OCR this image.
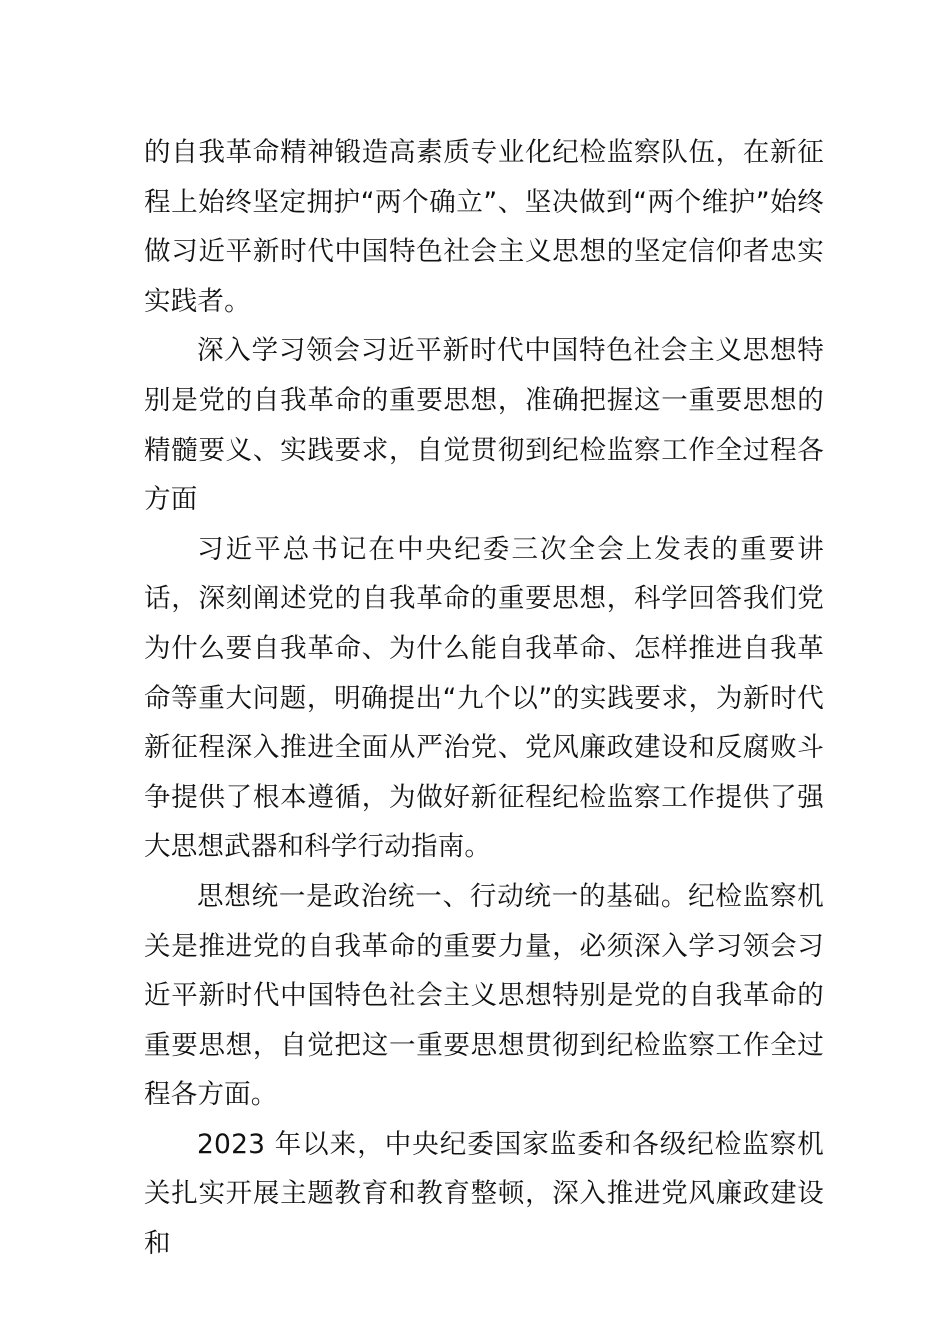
的自我革命精神锻造高素质专业化纪检监察队伍，在新征程上始终坚定拥护“两个确立”、坚决做到“两个维护”始终做习近平新时代中国特色社会主义思想的坚定信仰者忠实实践者。

深入学习领会习近平新时代中国特色社会主义思想特别是党的自我革命的重要思想，准确把握这一重要思想的精髓要义、实践要求，自觉贯彻到纪检监察工作全过程各方面

习近平总书记在中央纪委三次全会上发表的重要讲话，深刻阐述党的自我革命的重要思想，科学回答我们党为什么要自我革命、为什么能自我革命、怎样推进自我革命等重大问题，明确提出“九个以”的实践要求，为新时代新征程深入推进全面从严治党、党风廉政建设和反腐败斗争提供了根本遵循，为做好新征程纪检监察工作提供了强大思想武器和科学行动指南。

思想统一是政治统一、行动统一的基础。纪检监察机关是推进党的自我革命的重要力量，必须深入学习领会习近平新时代中国特色社会主义思想特别是党的自我革命的重要思想，自觉把这一重要思想贯彻到纪检监察工作全过程各方面。

2023 年以来，中央纪委国家监委和各级纪检监察机关扎实开展主题教育和教育整顿，深入推进党风廉政建设和
